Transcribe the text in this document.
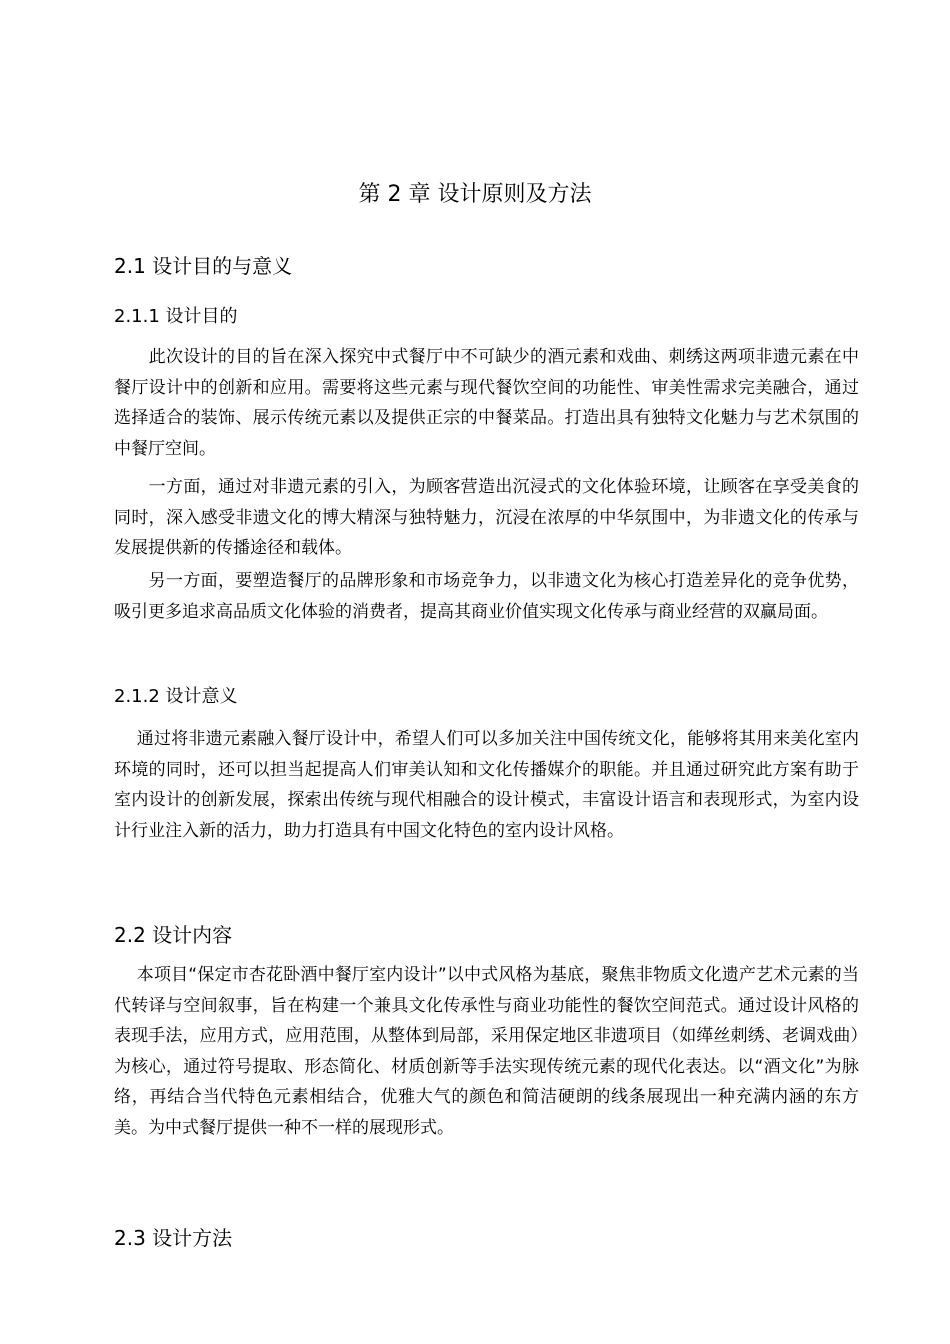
第 2 章 设计原则及方法
2.1 设计目的与意义
2.1.1 设计目的

　　此次设计的目的旨在深入探究中式餐厅中不可缺少的酒元素和戏曲、刺绣这两项非遗元素在中餐厅设计中的创新和应用。需要将这些元素与现代餐饮空间的功能性、审美性需求完美融合，通过选择适合的装饰、展示传统元素以及提供正宗的中餐菜品。打造出具有独特文化魅力与艺术氛围的中餐厅空间。

　　一方面，通过对非遗元素的引入，为顾客营造出沉浸式的文化体验环境，让顾客在享受美食的同时，深入感受非遗文化的博大精深与独特魅力，沉浸在浓厚的中华氛围中，为非遗文化的传承与发展提供新的传播途径和载体。

　　另一方面，要塑造餐厅的品牌形象和市场竞争力，以非遗文化为核心打造差异化的竞争优势，吸引更多追求高品质文化体验的消费者，提高其商业价值实现文化传承与商业经营的双赢局面。

2.1.2 设计意义

　 通过将非遗元素融入餐厅设计中，希望人们可以多加关注中国传统文化，能够将其用来美化室内环境的同时，还可以担当起提高人们审美认知和文化传播媒介的职能。并且通过研究此方案有助于室内设计的创新发展，探索出传统与现代相融合的设计模式，丰富设计语言和表现形式，为室内设计行业注入新的活力，助力打造具有中国文化特色的室内设计风格。

2.2 设计内容

　 本项目“保定市杏花卧酒中餐厅室内设计”以中式风格为基底，聚焦非物质文化遗产艺术元素的当代转译与空间叙事，旨在构建一个兼具文化传承性与商业功能性的餐饮空间范式。通过设计风格的表现手法，应用方式，应用范围，从整体到局部，采用保定地区非遗项目（如缂丝刺绣、老调戏曲）为核心，通过符号提取、形态简化、材质创新等手法实现传统元素的现代化表达。以“酒文化”为脉络，再结合当代特色元素相结合，优雅大气的颜色和简洁硬朗的线条展现出一种充满内涵的东方美。为中式餐厅提供一种不一样的展现形式。

2.3 设计方法
